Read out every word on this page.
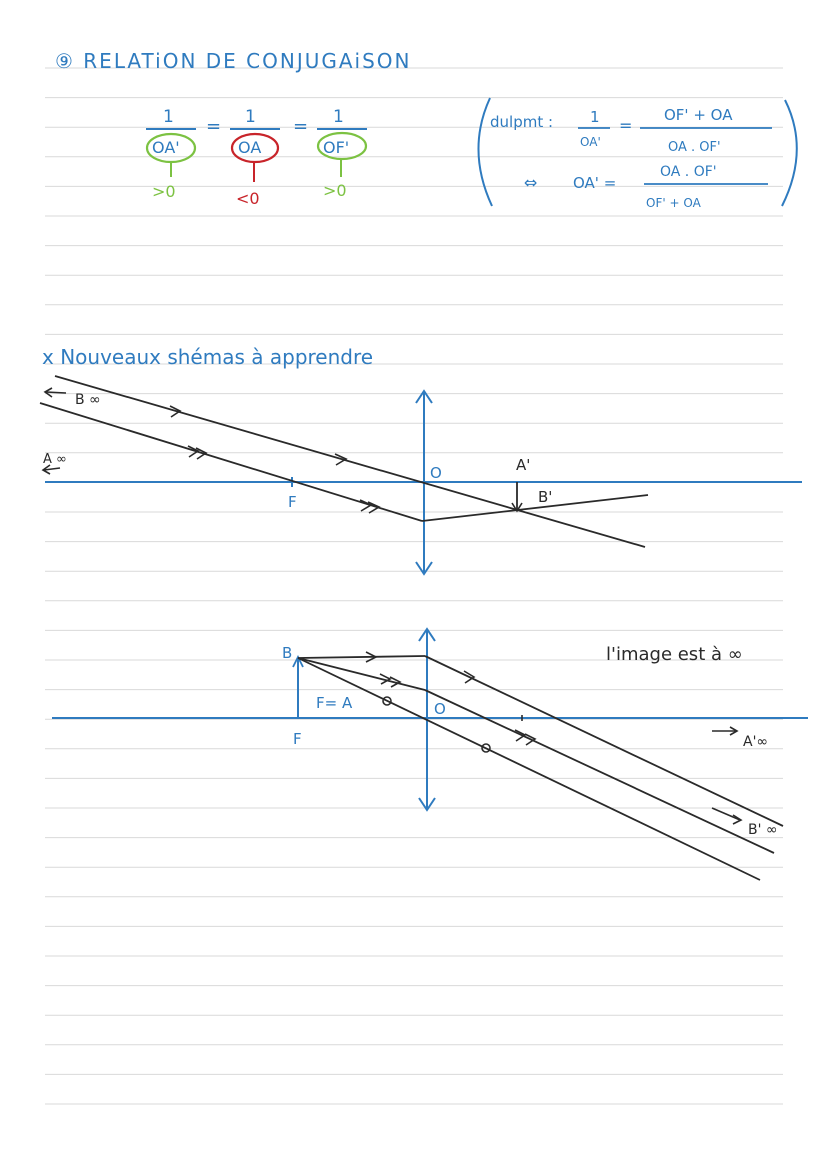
⑨ RELATiON DE CONJUGAiSON
1
OA'
>0
= 1
OA
<0
= 1
OF'
>0
dulpmt : 1
OA'
=
OF' + OA
OA . OF'
⇔ OA' =
OA . OF'
OF' + OA
x Nouveaux shémas à apprendre
B ∞
A ∞
O
F
A'
B'
B
F= A	O
F
l'image est à ∞
A'∞
B' ∞
